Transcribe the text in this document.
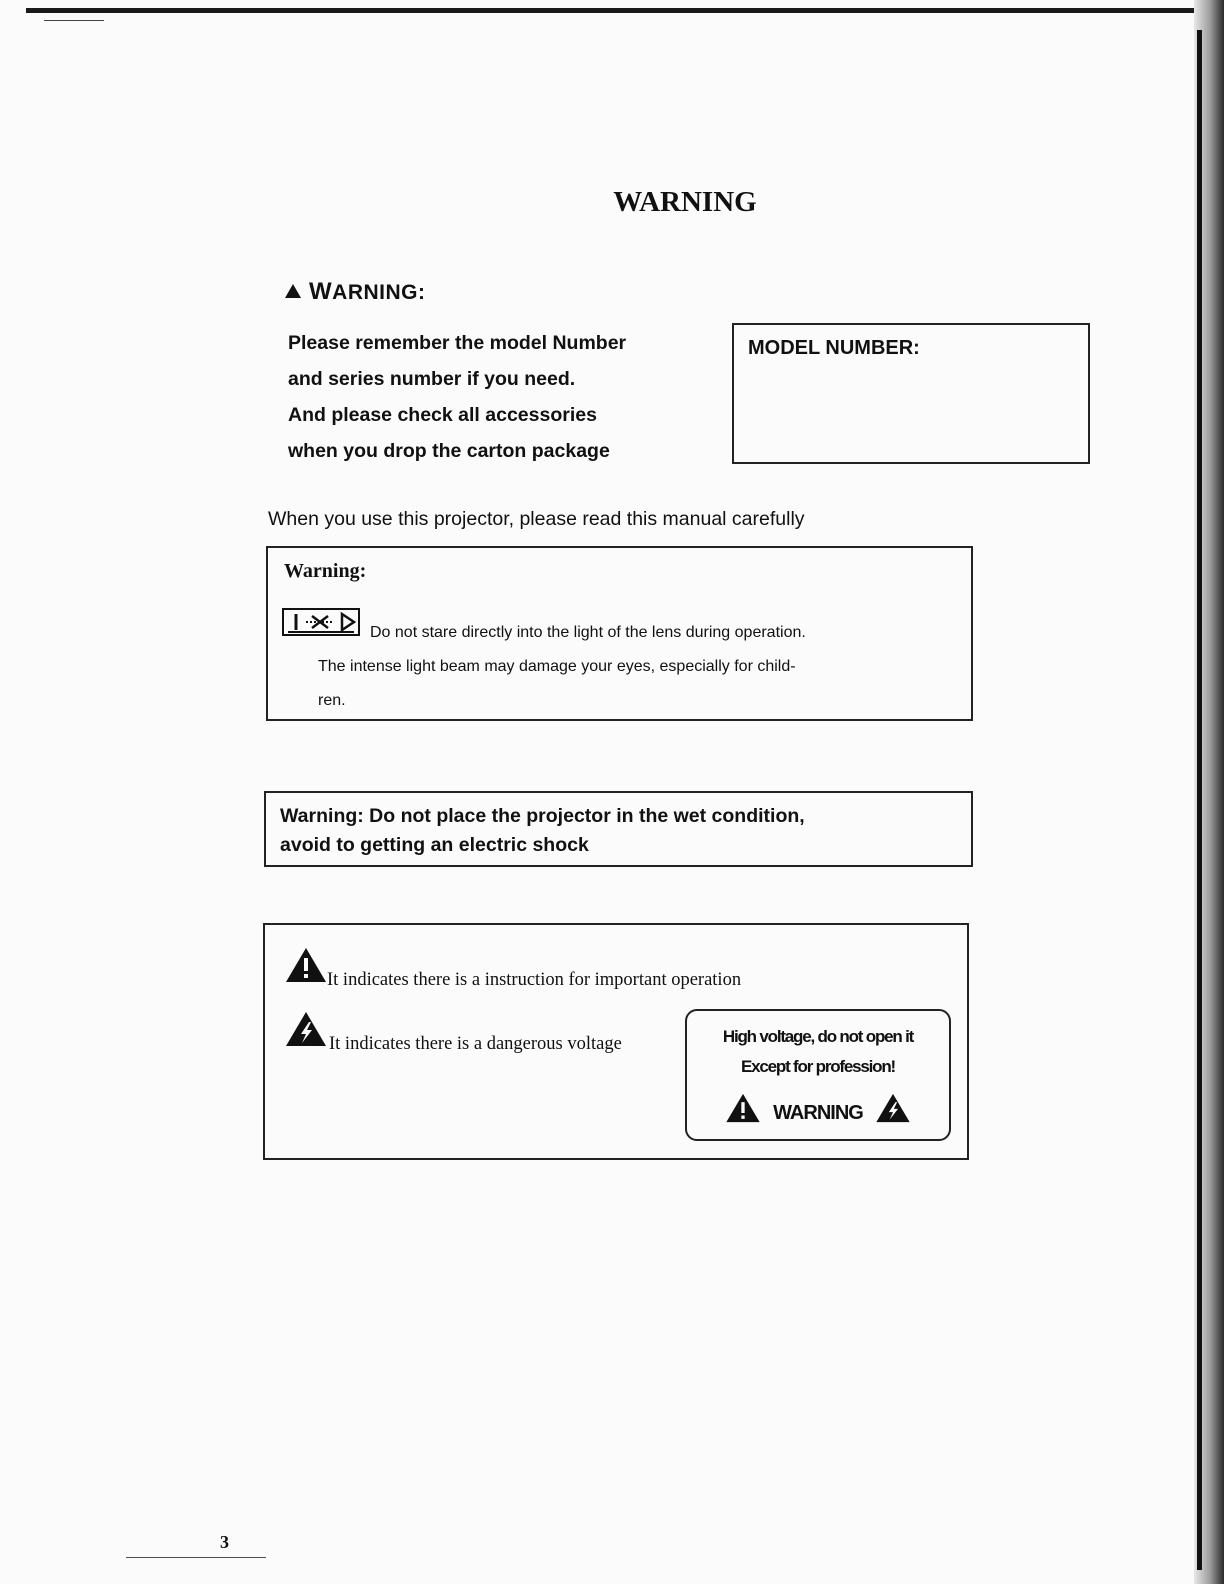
WARNING
WARNING:
Please remember the model Number
and series number if you need.
And please check all accessories
when you drop the carton package
MODEL NUMBER:
When you use this projector, please read this manual carefully
Warning:
Do not stare directly into the light of the lens during operation.
The intense light beam may damage your eyes, especially for child-
ren.
Warning: Do not place the projector in the wet condition,
avoid to getting an electric shock
It indicates there is a instruction for important operation
It indicates there is a dangerous voltage	High voltage, do not open it
Except for profession!
WARNING
3
